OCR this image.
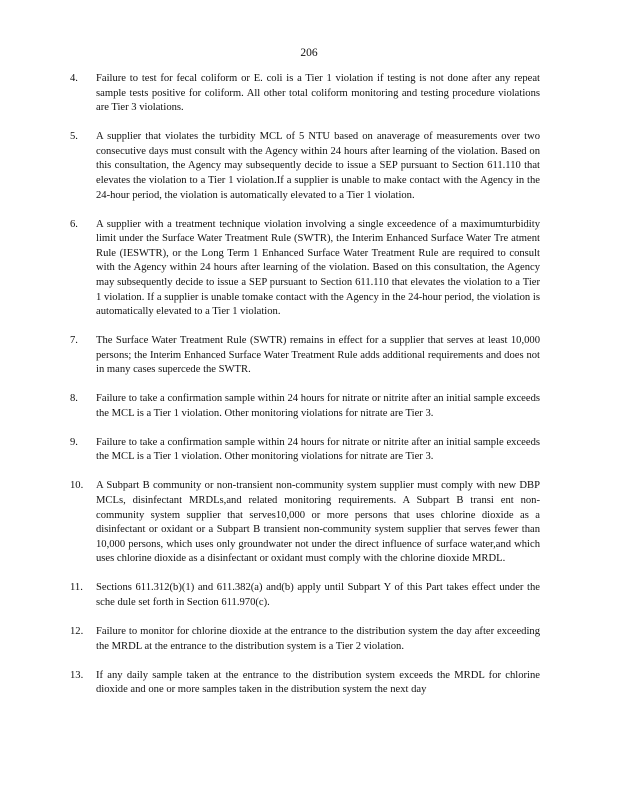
206
4.	Failure to test for fecal coliform or E. coli is a Tier 1 violation if testing is not done after any repeat sample tests positive for coliform. All other total coliform monitoring and testing procedure violations are Tier 3 violations.
5.	A supplier that violates the turbidity MCL of 5 NTU based on anaverage of measurements over two consecutive days must consult with the Agency within 24 hours after learning of the violation. Based on this consultation, the Agency may subsequently decide to issue a SEP pursuant to Section 611.110 that elevates the violation to a Tier 1 violation.If a supplier is unable to make contact with the Agency in the 24-hour period, the violation is automatically elevated to a Tier 1 violation.
6.	A supplier with a treatment technique violation involving a single exceedence of a maximumturbidity limit under the Surface Water Treatment Rule (SWTR), the Interim Enhanced Surface Water Tre atment Rule (IESWTR), or the Long Term 1 Enhanced Surface Water Treatment Rule are required to consult with the Agency within 24 hours after learning of the violation. Based on this consultation, the Agency may subsequently decide to issue a SEP pursuant to Section 611.110 that elevates the violation to a Tier 1 violation. If a supplier is unable tomake contact with the Agency in the 24-hour period, the violation is automatically elevated to a Tier 1 violation.
7.	The Surface Water Treatment Rule (SWTR) remains in effect for a supplier that serves at least 10,000 persons; the Interim Enhanced Surface Water Treatment Rule adds additional requirements and does not in many cases supercede the SWTR.
8.	Failure to take a confirmation sample within 24 hours for nitrate or nitrite after an initial sample exceeds the MCL is a Tier 1 violation. Other monitoring violations for nitrate are Tier 3.
9.	Failure to take a confirmation sample within 24 hours for nitrate or nitrite after an initial sample exceeds the MCL is a Tier 1 violation. Other monitoring violations for nitrate are Tier 3.
10.	A Subpart B community or non-transient non-community system supplier must comply with new DBP MCLs, disinfectant MRDLs,and related monitoring requirements. A Subpart B transi ent non-community system supplier that serves10,000 or more persons that uses chlorine dioxide as a disinfectant or oxidant or a Subpart B transient non-community system supplier that serves fewer than 10,000 persons, which uses only groundwater not under the direct influence of surface water,and which uses chlorine dioxide as a disinfectant or oxidant must comply with the chlorine dioxide MRDL.
11.	Sections 611.312(b)(1) and 611.382(a) and(b) apply until Subpart Y of this Part takes effect under the sche dule set forth in Section 611.970(c).
12.	Failure to monitor for chlorine dioxide at the entrance to the distribution system the day after exceeding the MRDL at the entrance to the distribution system is a Tier 2 violation.
13.	If any daily sample taken at the entrance to the distribution system exceeds the MRDL for chlorine dioxide and one or more samples taken in the distribution system the next day
